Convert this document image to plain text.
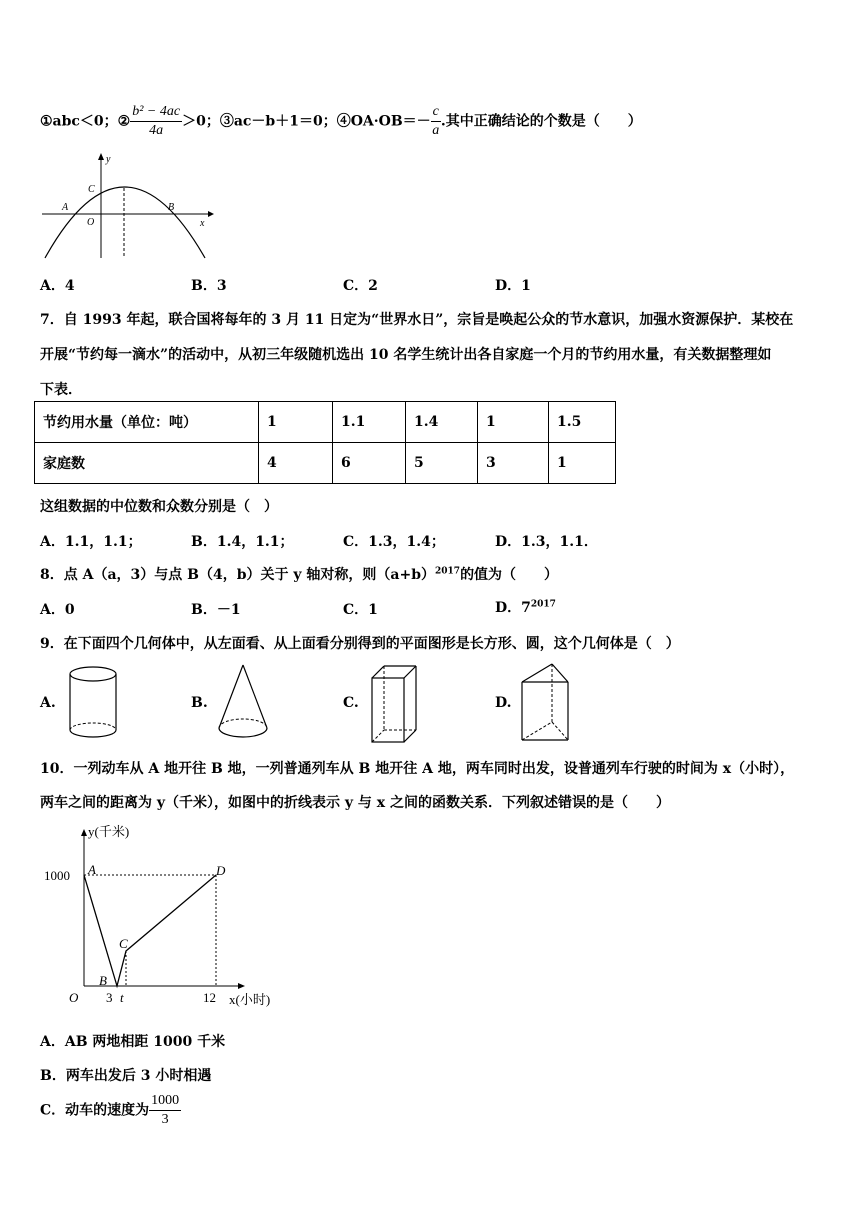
①abc＜0；② $\frac{\text{b² − 4ac}}{4a} >0$；③ac－b＋1＝0；④OA·OB＝－ $\frac{c}{a}$ .其中正确结论的个数是（　　）
y
x
C
A
O
B
A．4	B．3	C．2	D．1
7．自 1993 年起，联合国将每年的 3 月 11 日定为“世界水日”，宗旨是唤起公众的节水意识，加强水资源保护．某校在
开展“节约每一滴水”的活动中，从初三年级随机选出 10 名学生统计出各自家庭一个月的节约用水量，有关数据整理如
下表．
节约用水量（单位：吨）	1	1.1	1.4	1	1.5
家庭数	4	6	5	3	1
这组数据的中位数和众数分别是（　）
A．1.1，1.1；	B．1.4，1.1；	C．1.3，1.4；	D．1.3，1.1．
8．点 A（a，3）与点 B（4，b）关于 y 轴对称，则$(a+b)^{2017}$的值为（　　）
A．0	B．－1	C．1	D．$7^{2017}$
9．在下面四个几何体中，从左面看、从上面看分别得到的平面图形是长方形、圆，这个几何体是（　）
A.	B.	C.	D.
10．一列动车从 A 地开往 B 地，一列普通列车从 B 地开往 A 地，两车同时出发，设普通列车行驶的时间为 x（小时），
两车之间的距离为 y（千米），如图中的折线表示 y 与 x 之间的函数关系．下列叙述错误的是（　　）
y(千米)
x(小时)
1000 A
B
C
D
O 3 t	12
A．AB 两地相距 1000 千米
B．两车出发后 3 小时相遇
C．动车的速度为 $\frac{1000}{3}$
